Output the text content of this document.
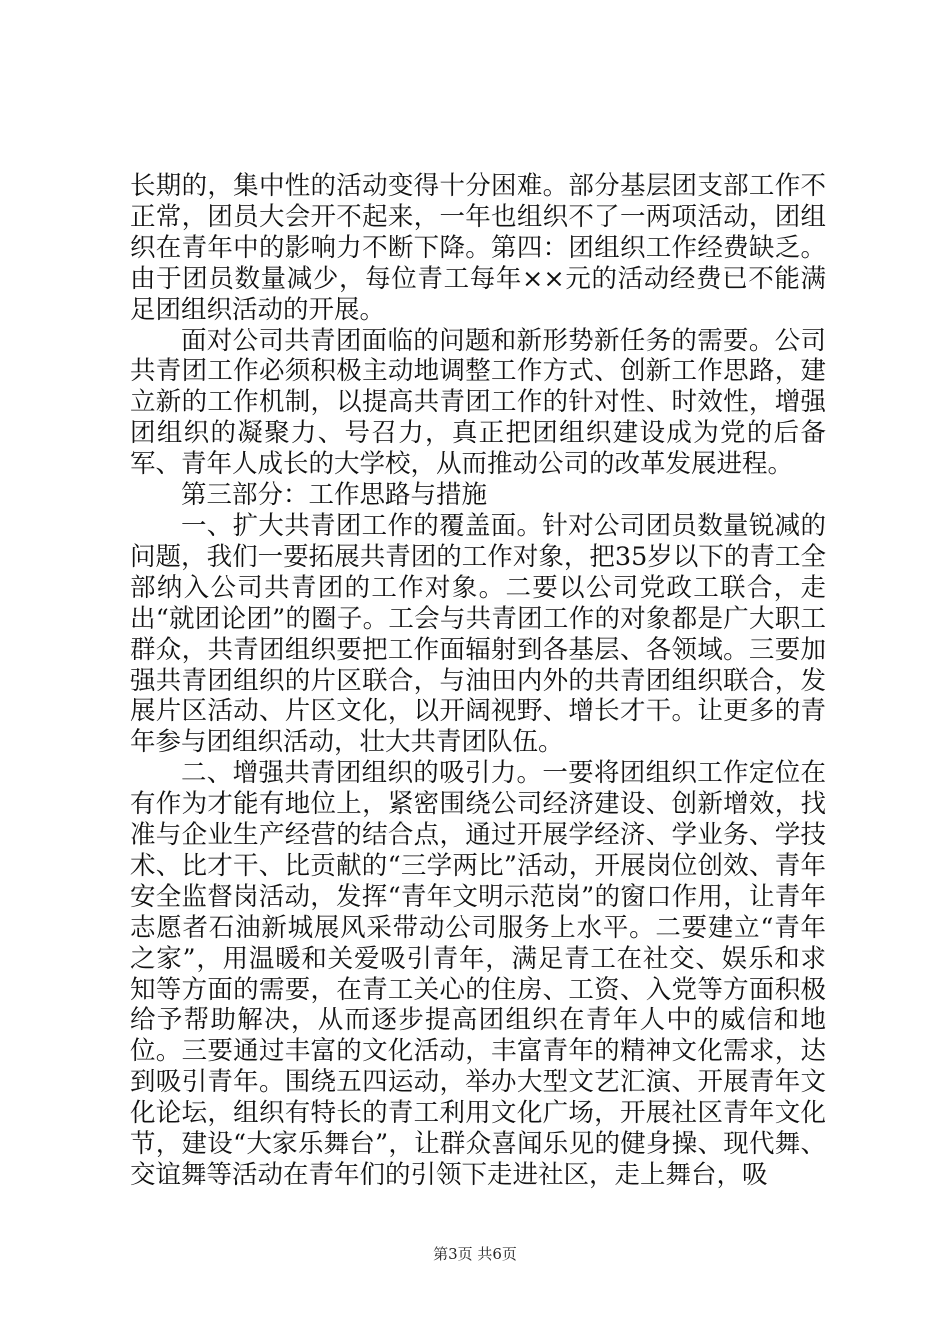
长期的，集中性的活动变得十分困难。部分基层团支部工作不正常，团员大会开不起来，一年也组织不了一两项活动，团组织在青年中的影响力不断下降。第四：团组织工作经费缺乏。由于团员数量减少，每位青工每年××元的活动经费已不能满足团组织活动的开展。

面对公司共青团面临的问题和新形势新任务的需要。公司共青团工作必须积极主动地调整工作方式、创新工作思路，建立新的工作机制，以提高共青团工作的针对性、时效性，增强团组织的凝聚力、号召力，真正把团组织建设成为党的后备军、青年人成长的大学校，从而推动公司的改革发展进程。

第三部分：工作思路与措施

一、扩大共青团工作的覆盖面。针对公司团员数量锐减的问题，我们一要拓展共青团的工作对象，把35岁以下的青工全部纳入公司共青团的工作对象。二要以公司党政工联合，走出“就团论团”的圈子。工会与共青团工作的对象都是广大职工群众，共青团组织要把工作面辐射到各基层、各领域。三要加强共青团组织的片区联合，与油田内外的共青团组织联合，发展片区活动、片区文化，以开阔视野、增长才干。让更多的青年参与团组织活动，壮大共青团队伍。

二、增强共青团组织的吸引力。一要将团组织工作定位在有作为才能有地位上，紧密围绕公司经济建设、创新增效，找准与企业生产经营的结合点，通过开展学经济、学业务、学技术、比才干、比贡献的“三学两比”活动，开展岗位创效、青年安全监督岗活动，发挥“青年文明示范岗”的窗口作用，让青年志愿者石油新城展风采带动公司服务上水平。二要建立“青年之家”，用温暖和关爱吸引青年，满足青工在社交、娱乐和求知等方面的需要，在青工关心的住房、工资、入党等方面积极给予帮助解决，从而逐步提高团组织在青年人中的威信和地位。三要通过丰富的文化活动，丰富青年的精神文化需求，达到吸引青年。围绕五四运动，举办大型文艺汇演、开展青年文化论坛，组织有特长的青工利用文化广场，开展社区青年文化节，建设“大家乐舞台”，让群众喜闻乐见的健身操、现代舞、交谊舞等活动在青年们的引领下走进社区，走上舞台，吸

第3页 共6页
